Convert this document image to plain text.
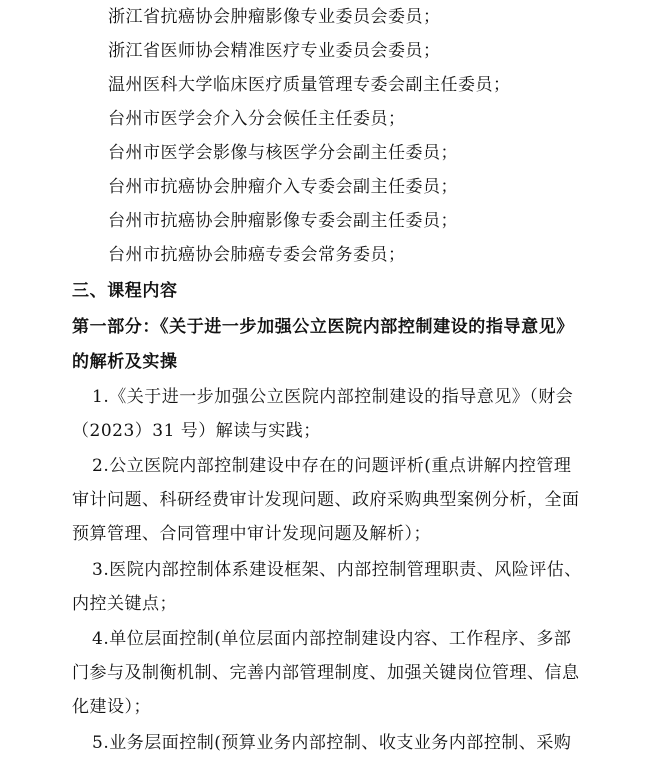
浙江省抗癌协会肿瘤影像专业委员会委员；
浙江省医师协会精准医疗专业委员会委员；
温州医科大学临床医疗质量管理专委会副主任委员；
台州市医学会介入分会候任主任委员；
台州市医学会影像与核医学分会副主任委员；
台州市抗癌协会肿瘤介入专委会副主任委员；
台州市抗癌协会肿瘤影像专委会副主任委员；
台州市抗癌协会肺癌专委会常务委员；
三、课程内容
第一部分：《关于进一步加强公立医院内部控制建设的指导意见》
的解析及实操
1.《关于进一步加强公立医院内部控制建设的指导意见》（财会
（2023）31 号）解读与实践；
2.公立医院内部控制建设中存在的问题评析(重点讲解内控管理
审计问题、科研经费审计发现问题、政府采购典型案例分析，全面
预算管理、合同管理中审计发现问题及解析）；
3.医院内部控制体系建设框架、内部控制管理职责、风险评估、
内控关键点；
4.单位层面控制(单位层面内部控制建设内容、工作程序、多部
门参与及制衡机制、完善内部管理制度、加强关键岗位管理、信息
化建设）；
5.业务层面控制(预算业务内部控制、收支业务内部控制、采购
